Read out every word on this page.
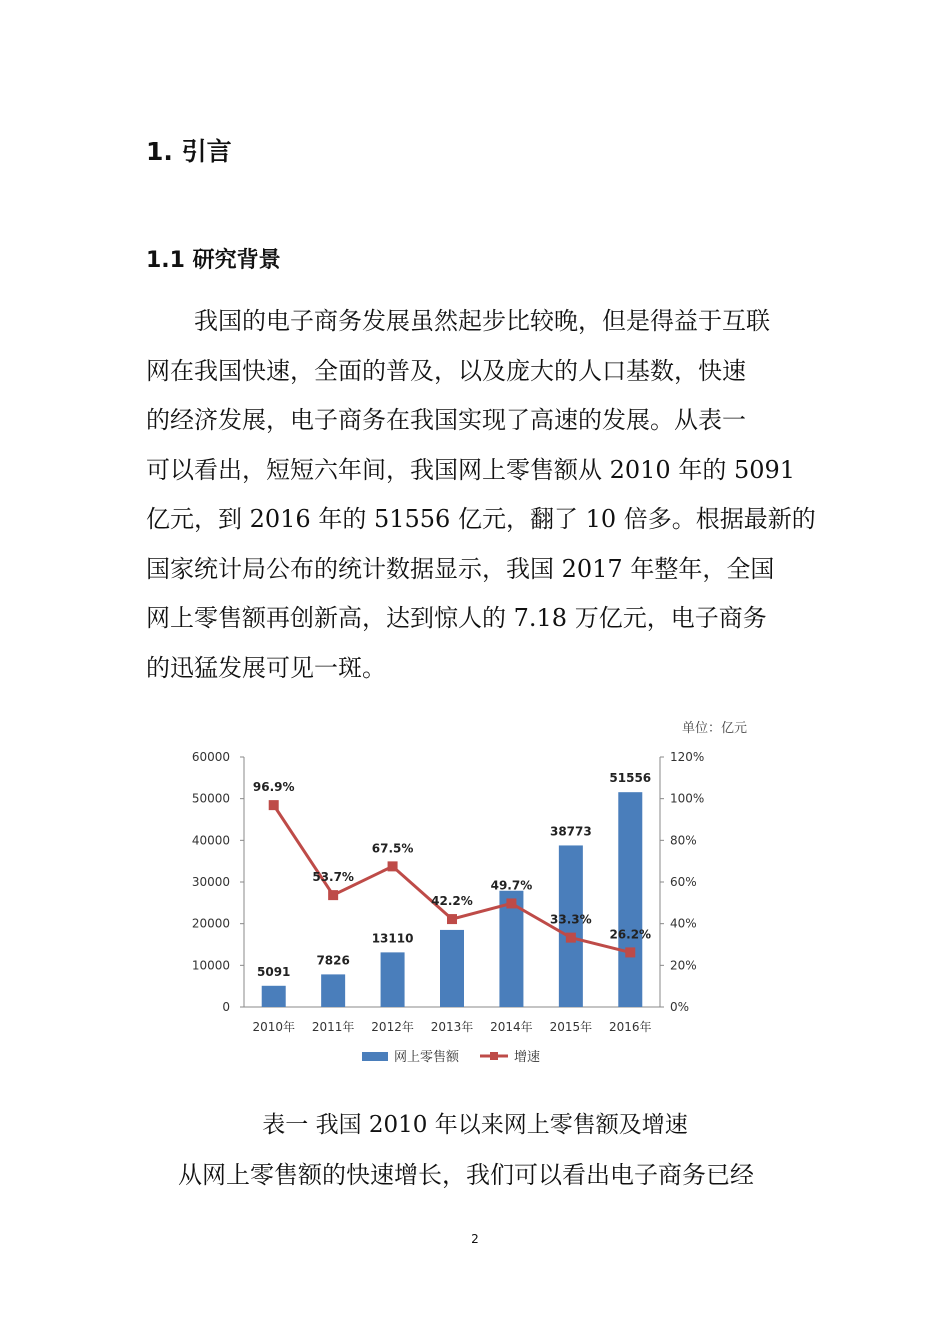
1. 引言
1.1 研究背景
　　我国的电子商务发展虽然起步比较晚，但是得益于互联
网在我国快速，全面的普及，以及庞大的人口基数，快速
的经济发展，电子商务在我国实现了高速的发展。从表一
可以看出，短短六年间，我国网上零售额从 2010 年的 5091
亿元，到 2016 年的 51556 亿元，翻了 10 倍多。根据最新的
国家统计局公布的统计数据显示，我国 2017 年整年，全国
网上零售额再创新高，达到惊人的 7.18 万亿元，电子商务
的迅猛发展可见一斑。
单位：亿元
0
10000
20000
30000
40000
50000
60000
0%
20%
40%
60%
80%
100%
120%
5091
2010年
7826
2011年
13110
2012年 2013年 2014年
38773
2015年
51556
2016年
96.9%
53.7%
67.5%
42.2%
49.7%
33.3%
26.2%
网上零售额	增速
表一 我国 2010 年以来网上零售额及增速
从网上零售额的快速增长，我们可以看出电子商务已经
2
